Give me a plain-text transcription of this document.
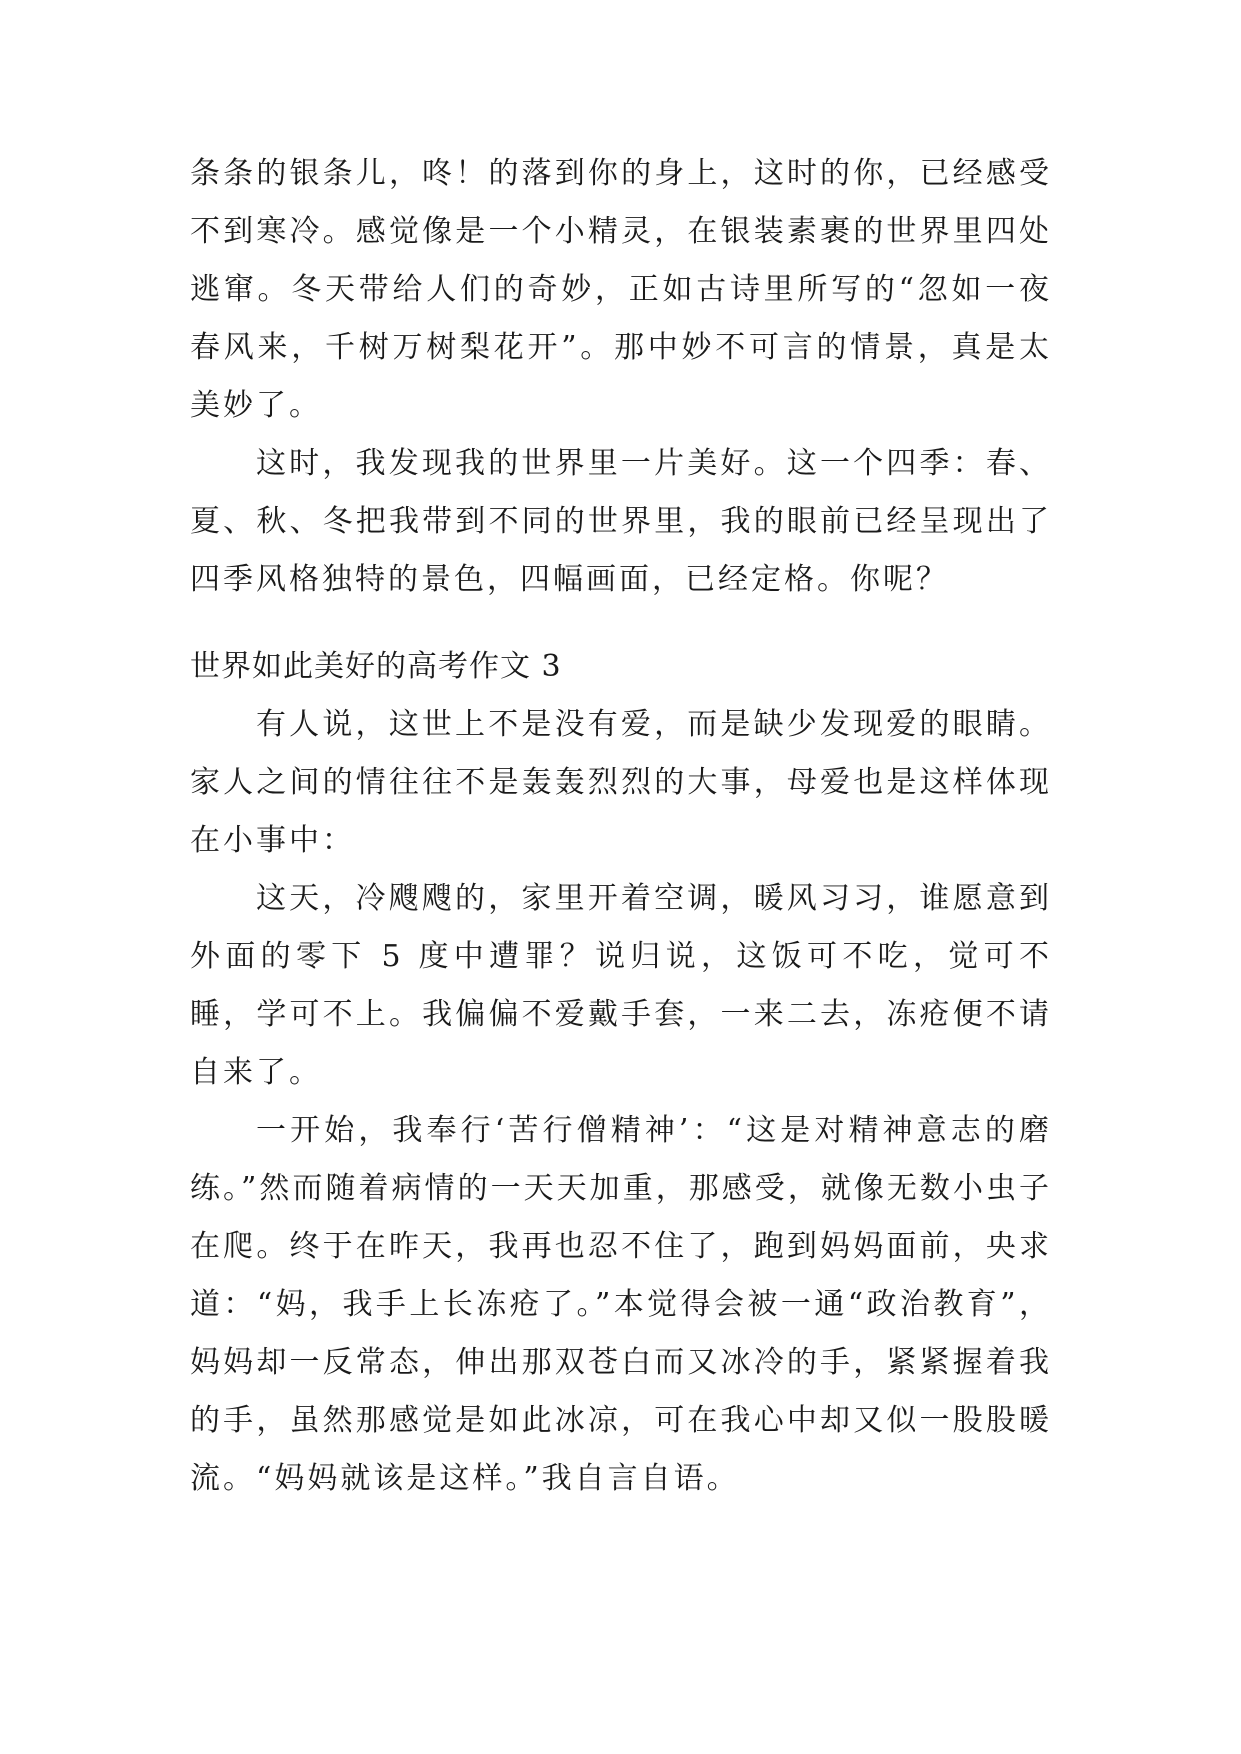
条条的银条儿，咚！的落到你的身上，这时的你，已经感受不到寒冷。感觉像是一个小精灵，在银装素裹的世界里四处逃窜。冬天带给人们的奇妙，正如古诗里所写的“忽如一夜春风来，千树万树梨花开”。那中妙不可言的情景，真是太美妙了。

这时，我发现我的世界里一片美好。这一个四季：春、夏、秋、冬把我带到不同的世界里，我的眼前已经呈现出了四季风格独特的景色，四幅画面，已经定格。你呢？

世界如此美好的高考作文 3

有人说，这世上不是没有爱，而是缺少发现爱的眼睛。家人之间的情往往不是轰轰烈烈的大事，母爱也是这样体现在小事中：

这天，冷飕飕的，家里开着空调，暖风习习，谁愿意到外面的零下 5 度中遭罪？说归说，这饭可不吃，觉可不睡，学可不上。我偏偏不爱戴手套，一来二去，冻疮便不请自来了。

一开始，我奉行‘苦行僧精神’：“这是对精神意志的磨练。”然而随着病情的一天天加重，那感受，就像无数小虫子在爬。终于在昨天，我再也忍不住了，跑到妈妈面前，央求道：“妈，我手上长冻疮了。”本觉得会被一通“政治教育”，妈妈却一反常态，伸出那双苍白而又冰冷的手，紧紧握着我的手，虽然那感觉是如此冰凉，可在我心中却又似一股股暖流。“妈妈就该是这样。”我自言自语。
